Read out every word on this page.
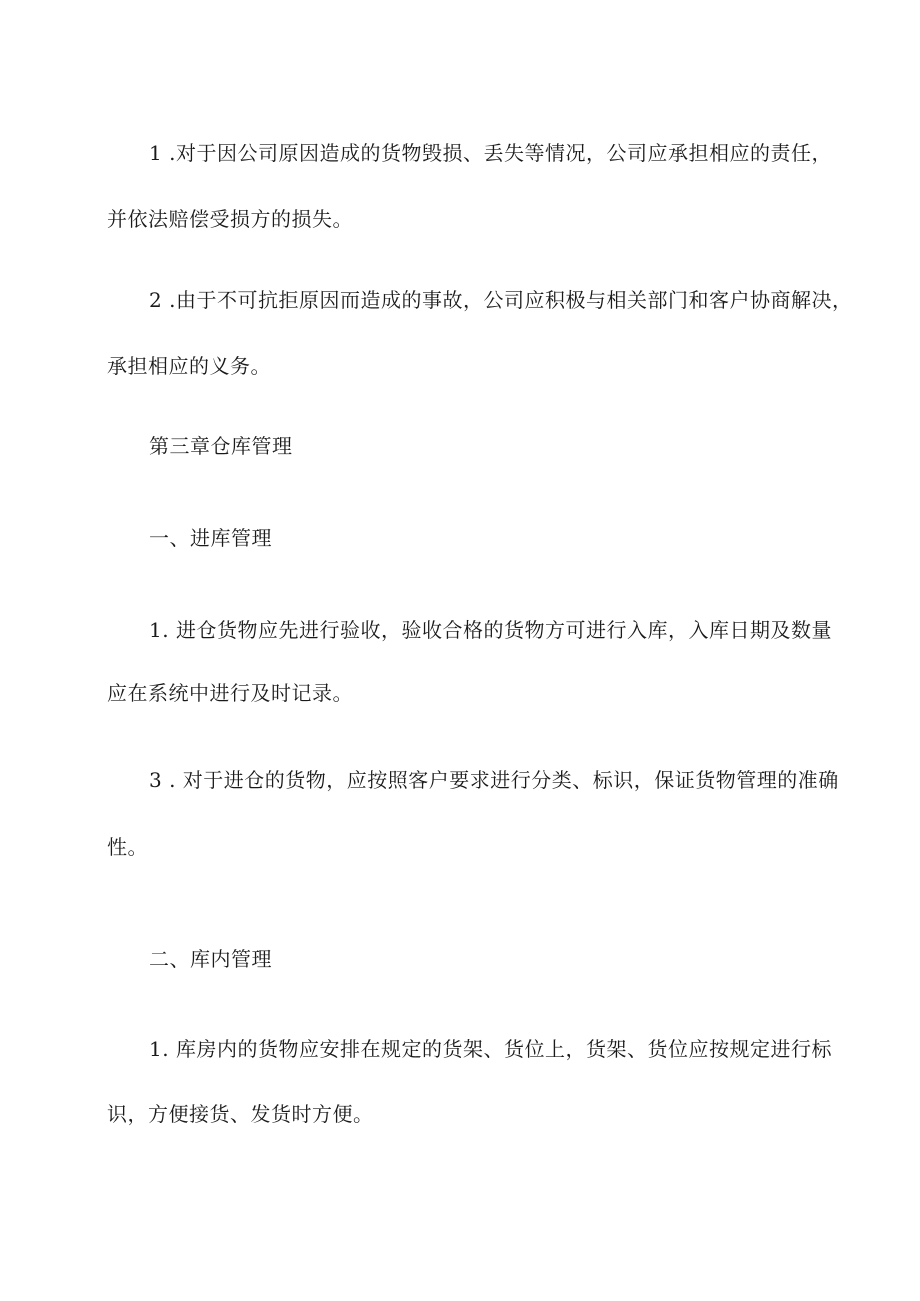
1 .对于因公司原因造成的货物毁损、丢失等情况，公司应承担相应的责任，
并依法赔偿受损方的损失。
2 .由于不可抗拒原因而造成的事故，公司应积极与相关部门和客户协商解决，
承担相应的义务。
第三章仓库管理
一、进库管理
1. 进仓货物应先进行验收，验收合格的货物方可进行入库，入库日期及数量
应在系统中进行及时记录。
3 . 对于进仓的货物，应按照客户要求进行分类、标识，保证货物管理的准确
性。
二、库内管理
1. 库房内的货物应安排在规定的货架、货位上，货架、货位应按规定进行标
识，方便接货、发货时方便。
